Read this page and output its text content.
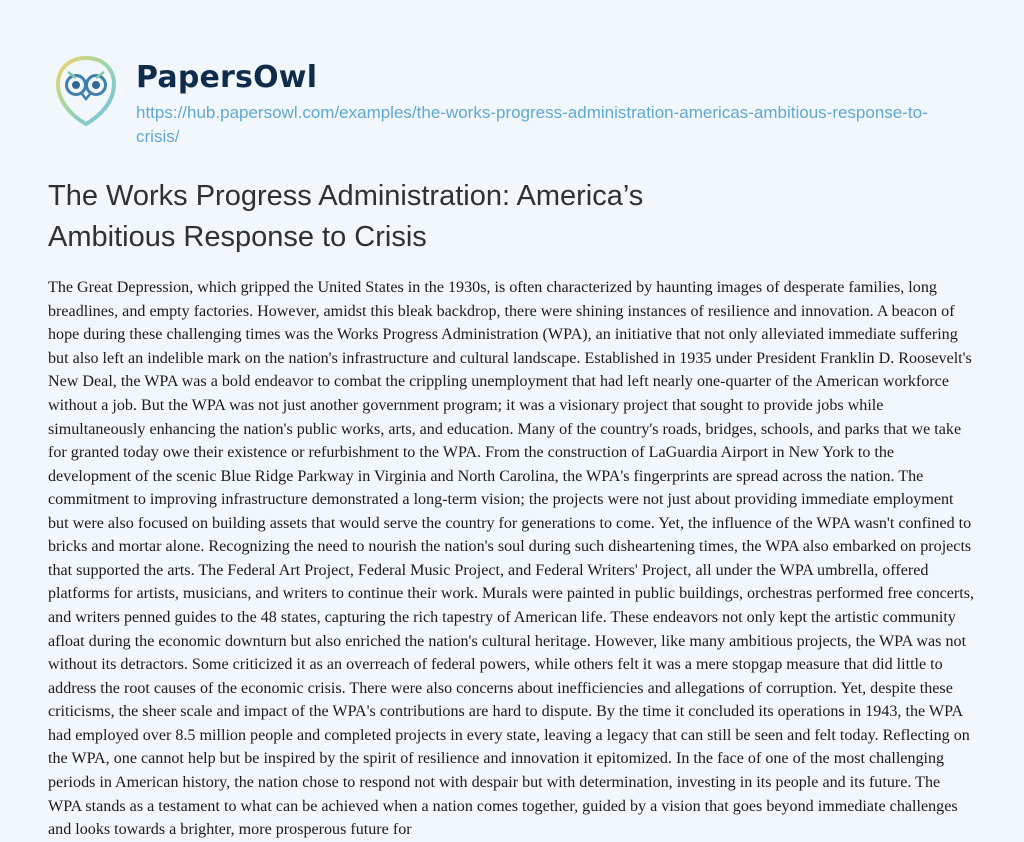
PapersOwl
https://hub.papersowl.com/examples/the-works-progress-administration-americas-ambitious-response-to-crisis/
The Works Progress Administration: America’s Ambitious Response to Crisis

The Great Depression, which gripped the United States in the 1930s, is often characterized by haunting images of desperate families, long breadlines, and empty factories. However, amidst this bleak backdrop, there were shining instances of resilience and innovation. A beacon of hope during these challenging times was the Works Progress Administration (WPA), an initiative that not only alleviated immediate suffering but also left an indelible mark on the nation's infrastructure and cultural landscape. Established in 1935 under President Franklin D. Roosevelt's New Deal, the WPA was a bold endeavor to combat the crippling unemployment that had left nearly one-quarter of the American workforce without a job. But the WPA was not just another government program; it was a visionary project that sought to provide jobs while simultaneously enhancing the nation's public works, arts, and education. Many of the country's roads, bridges, schools, and parks that we take for granted today owe their existence or refurbishment to the WPA. From the construction of LaGuardia Airport in New York to the development of the scenic Blue Ridge Parkway in Virginia and North Carolina, the WPA's fingerprints are spread across the nation. The commitment to improving infrastructure demonstrated a long-term vision; the projects were not just about providing immediate employment but were also focused on building assets that would serve the country for generations to come. Yet, the influence of the WPA wasn't confined to bricks and mortar alone. Recognizing the need to nourish the nation's soul during such disheartening times, the WPA also embarked on projects that supported the arts. The Federal Art Project, Federal Music Project, and Federal Writers' Project, all under the WPA umbrella, offered platforms for artists, musicians, and writers to continue their work. Murals were painted in public buildings, orchestras performed free concerts, and writers penned guides to the 48 states, capturing the rich tapestry of American life. These endeavors not only kept the artistic community afloat during the economic downturn but also enriched the nation's cultural heritage. However, like many ambitious projects, the WPA was not without its detractors. Some criticized it as an overreach of federal powers, while others felt it was a mere stopgap measure that did little to address the root causes of the economic crisis. There were also concerns about inefficiencies and allegations of corruption. Yet, despite these criticisms, the sheer scale and impact of the WPA's contributions are hard to dispute. By the time it concluded its operations in 1943, the WPA had employed over 8.5 million people and completed projects in every state, leaving a legacy that can still be seen and felt today. Reflecting on the WPA, one cannot help but be inspired by the spirit of resilience and innovation it epitomized. In the face of one of the most challenging periods in American history, the nation chose to respond not with despair but with determination, investing in its people and its future. The WPA stands as a testament to what can be achieved when a nation comes together, guided by a vision that goes beyond immediate challenges and looks towards a brighter, more prosperous future for
